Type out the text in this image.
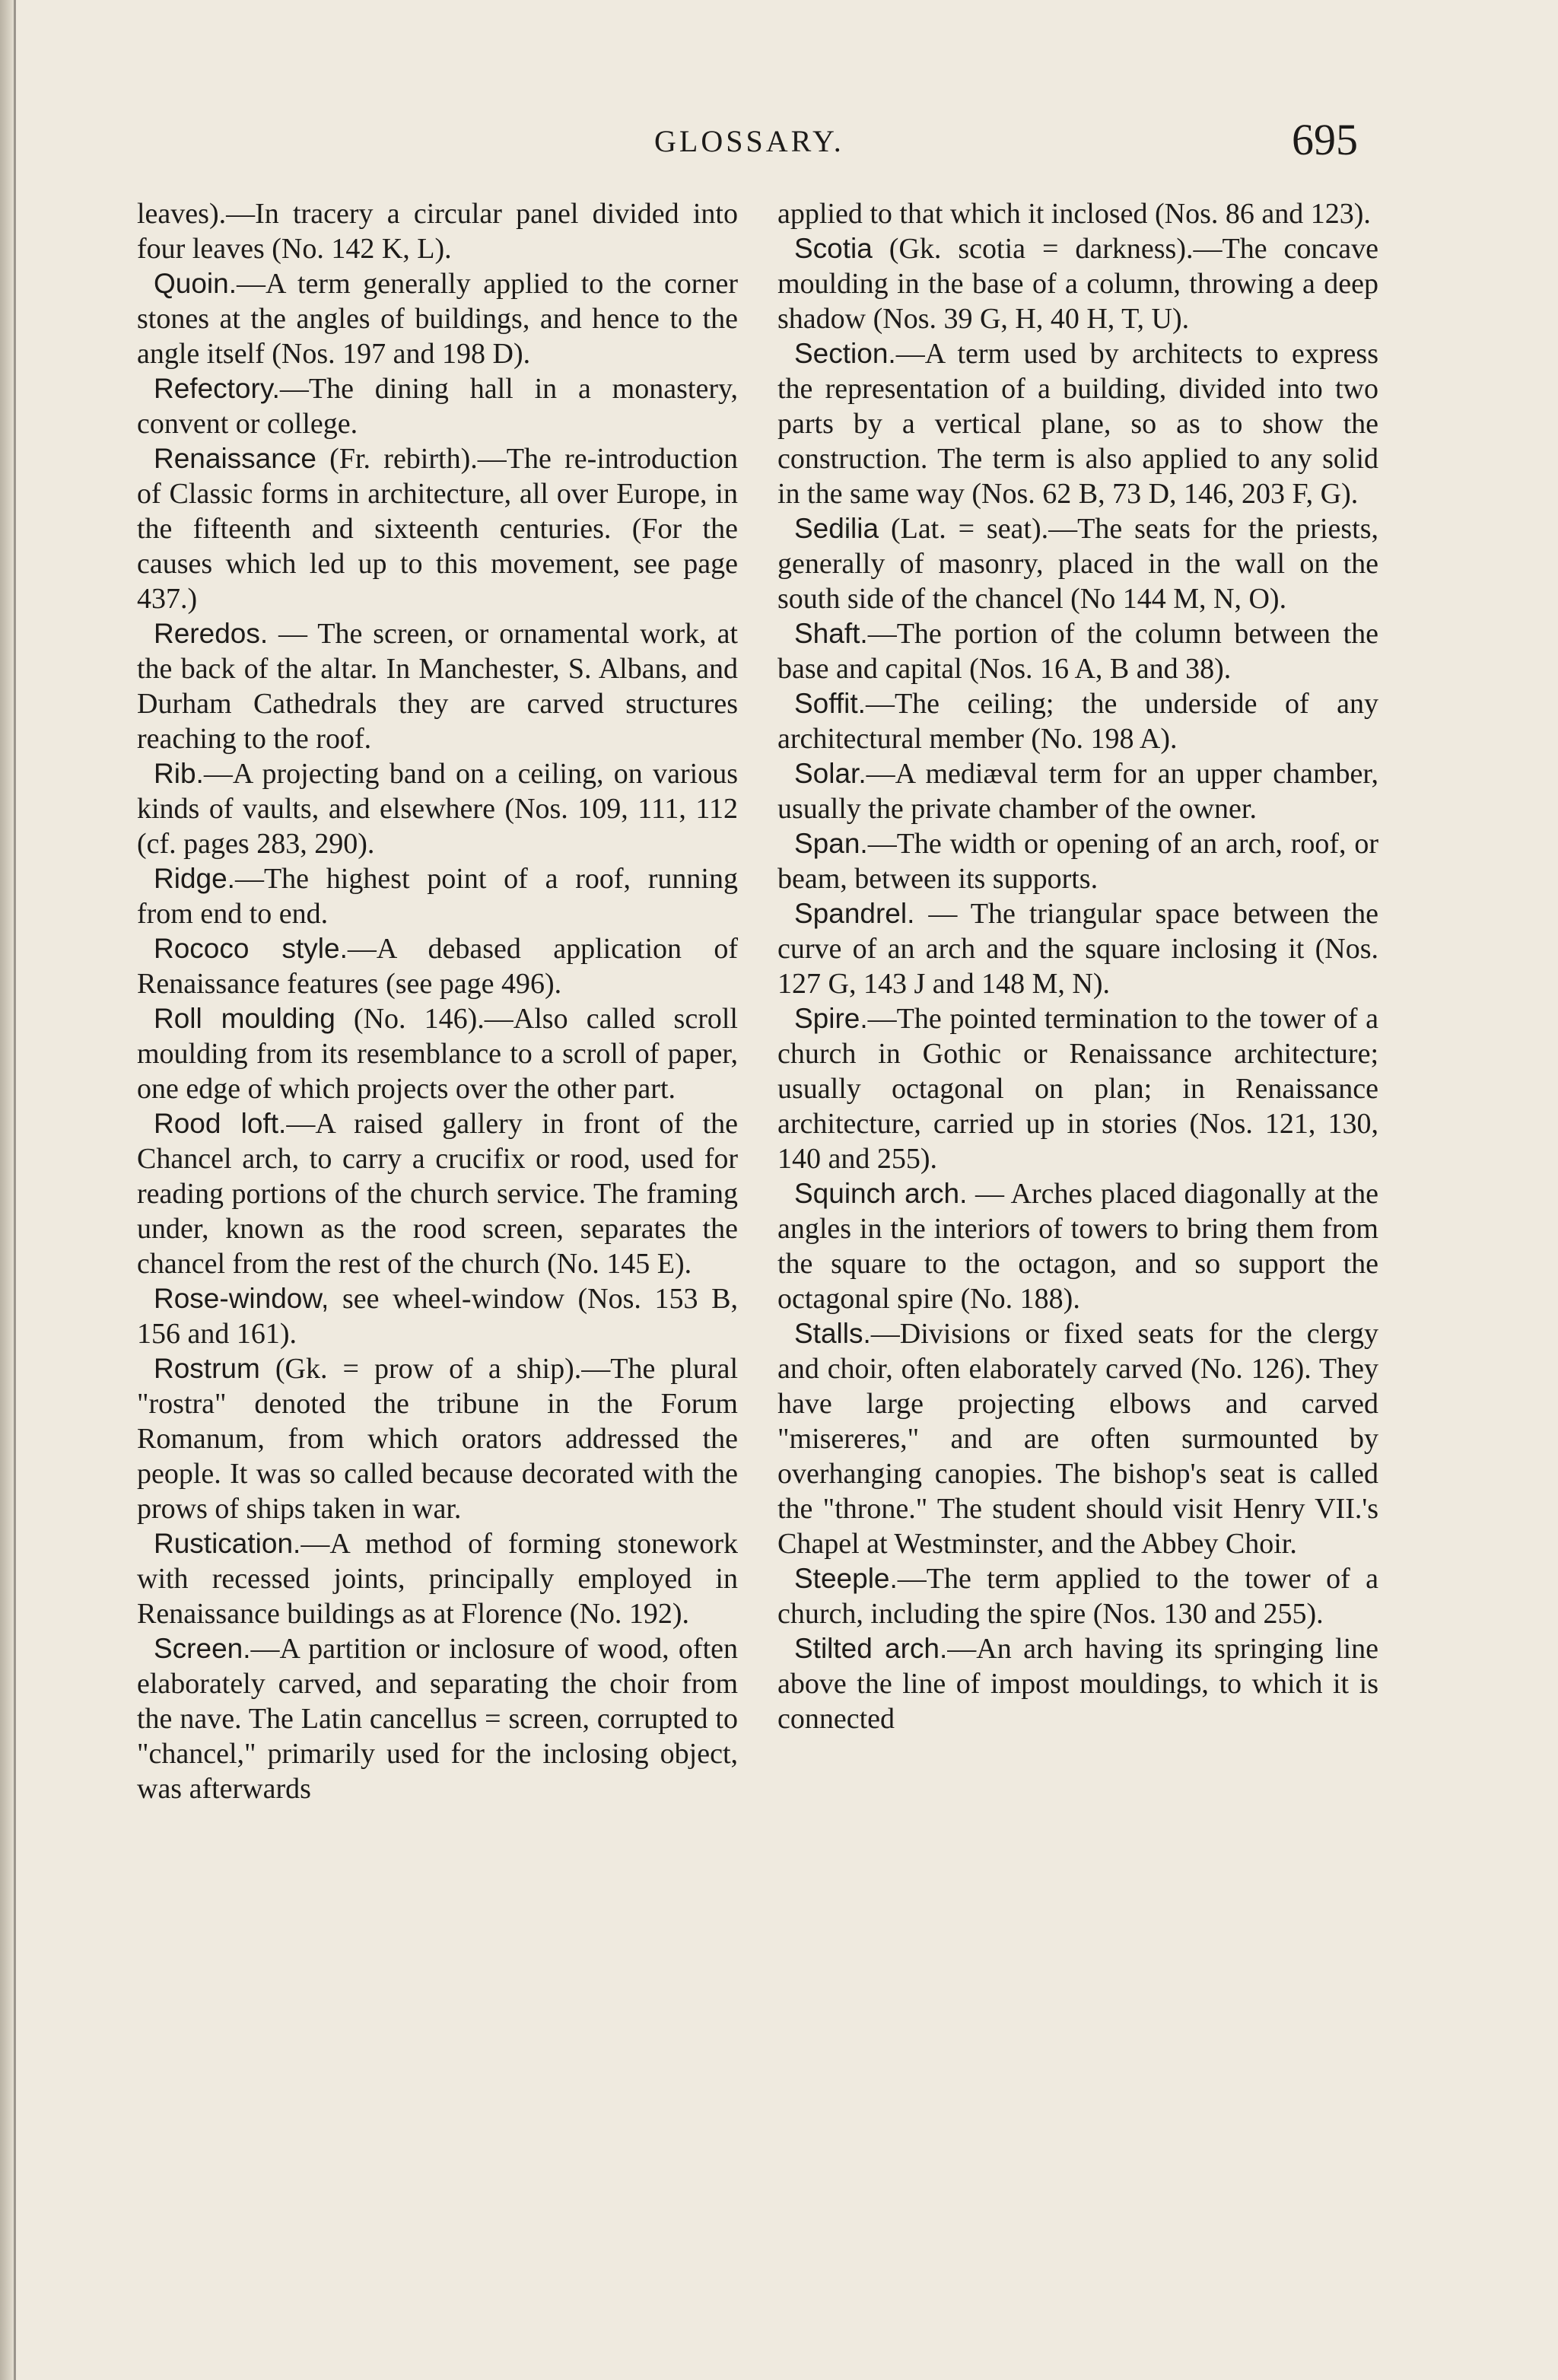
GLOSSARY.	695

leaves).—In tracery a circular panel divided into four leaves (No. 142 K, L).

Quoin.—A term generally applied to the corner stones at the angles of buildings, and hence to the angle itself (Nos. 197 and 198 D).

Refectory.—The dining hall in a monastery, convent or college.

Renaissance (Fr. rebirth).—The re-introduction of Classic forms in architecture, all over Europe, in the fifteenth and sixteenth centuries. (For the causes which led up to this movement, see page 437.)

Reredos. — The screen, or ornamental work, at the back of the altar. In Manchester, S. Albans, and Durham Cathedrals they are carved structures reaching to the roof.

Rib.—A projecting band on a ceiling, on various kinds of vaults, and elsewhere (Nos. 109, 111, 112 (cf. pages 283, 290).

Ridge.—The highest point of a roof, running from end to end.

Rococo style.—A debased application of Renaissance features (see page 496).

Roll moulding (No. 146).—Also called scroll moulding from its resemblance to a scroll of paper, one edge of which projects over the other part.

Rood loft.—A raised gallery in front of the Chancel arch, to carry a crucifix or rood, used for reading portions of the church service. The framing under, known as the rood screen, separates the chancel from the rest of the church (No. 145 E).

Rose-window, see wheel-window (Nos. 153 B, 156 and 161).

Rostrum (Gk. = prow of a ship).—The plural "rostra" denoted the tribune in the Forum Romanum, from which orators addressed the people. It was so called because decorated with the prows of ships taken in war.

Rustication.—A method of forming stonework with recessed joints, principally employed in Renaissance buildings as at Florence (No. 192).

Screen.—A partition or inclosure of wood, often elaborately carved, and separating the choir from the nave. The Latin cancellus = screen, corrupted to "chancel," primarily used for the inclosing object, was afterwards

applied to that which it inclosed (Nos. 86 and 123).

Scotia (Gk. scotia = darkness).—The concave moulding in the base of a column, throwing a deep shadow (Nos. 39 G, H, 40 H, T, U).

Section.—A term used by architects to express the representation of a building, divided into two parts by a vertical plane, so as to show the construction. The term is also applied to any solid in the same way (Nos. 62 B, 73 D, 146, 203 F, G).

Sedilia (Lat. = seat).—The seats for the priests, generally of masonry, placed in the wall on the south side of the chancel (No 144 M, N, O).

Shaft.—The portion of the column between the base and capital (Nos. 16 A, B and 38).

Soffit.—The ceiling; the underside of any architectural member (No. 198 A).

Solar.—A mediæval term for an upper chamber, usually the private chamber of the owner.

Span.—The width or opening of an arch, roof, or beam, between its supports.

Spandrel. — The triangular space between the curve of an arch and the square inclosing it (Nos. 127 G, 143 J and 148 M, N).

Spire.—The pointed termination to the tower of a church in Gothic or Renaissance architecture; usually octagonal on plan; in Renaissance architecture, carried up in stories (Nos. 121, 130, 140 and 255).

Squinch arch. — Arches placed diagonally at the angles in the interiors of towers to bring them from the square to the octagon, and so support the octagonal spire (No. 188).

Stalls.—Divisions or fixed seats for the clergy and choir, often elaborately carved (No. 126). They have large projecting elbows and carved "misereres," and are often surmounted by overhanging canopies. The bishop's seat is called the "throne." The student should visit Henry VII.'s Chapel at Westminster, and the Abbey Choir.

Steeple.—The term applied to the tower of a church, including the spire (Nos. 130 and 255).

Stilted arch.—An arch having its springing line above the line of impost mouldings, to which it is connected
